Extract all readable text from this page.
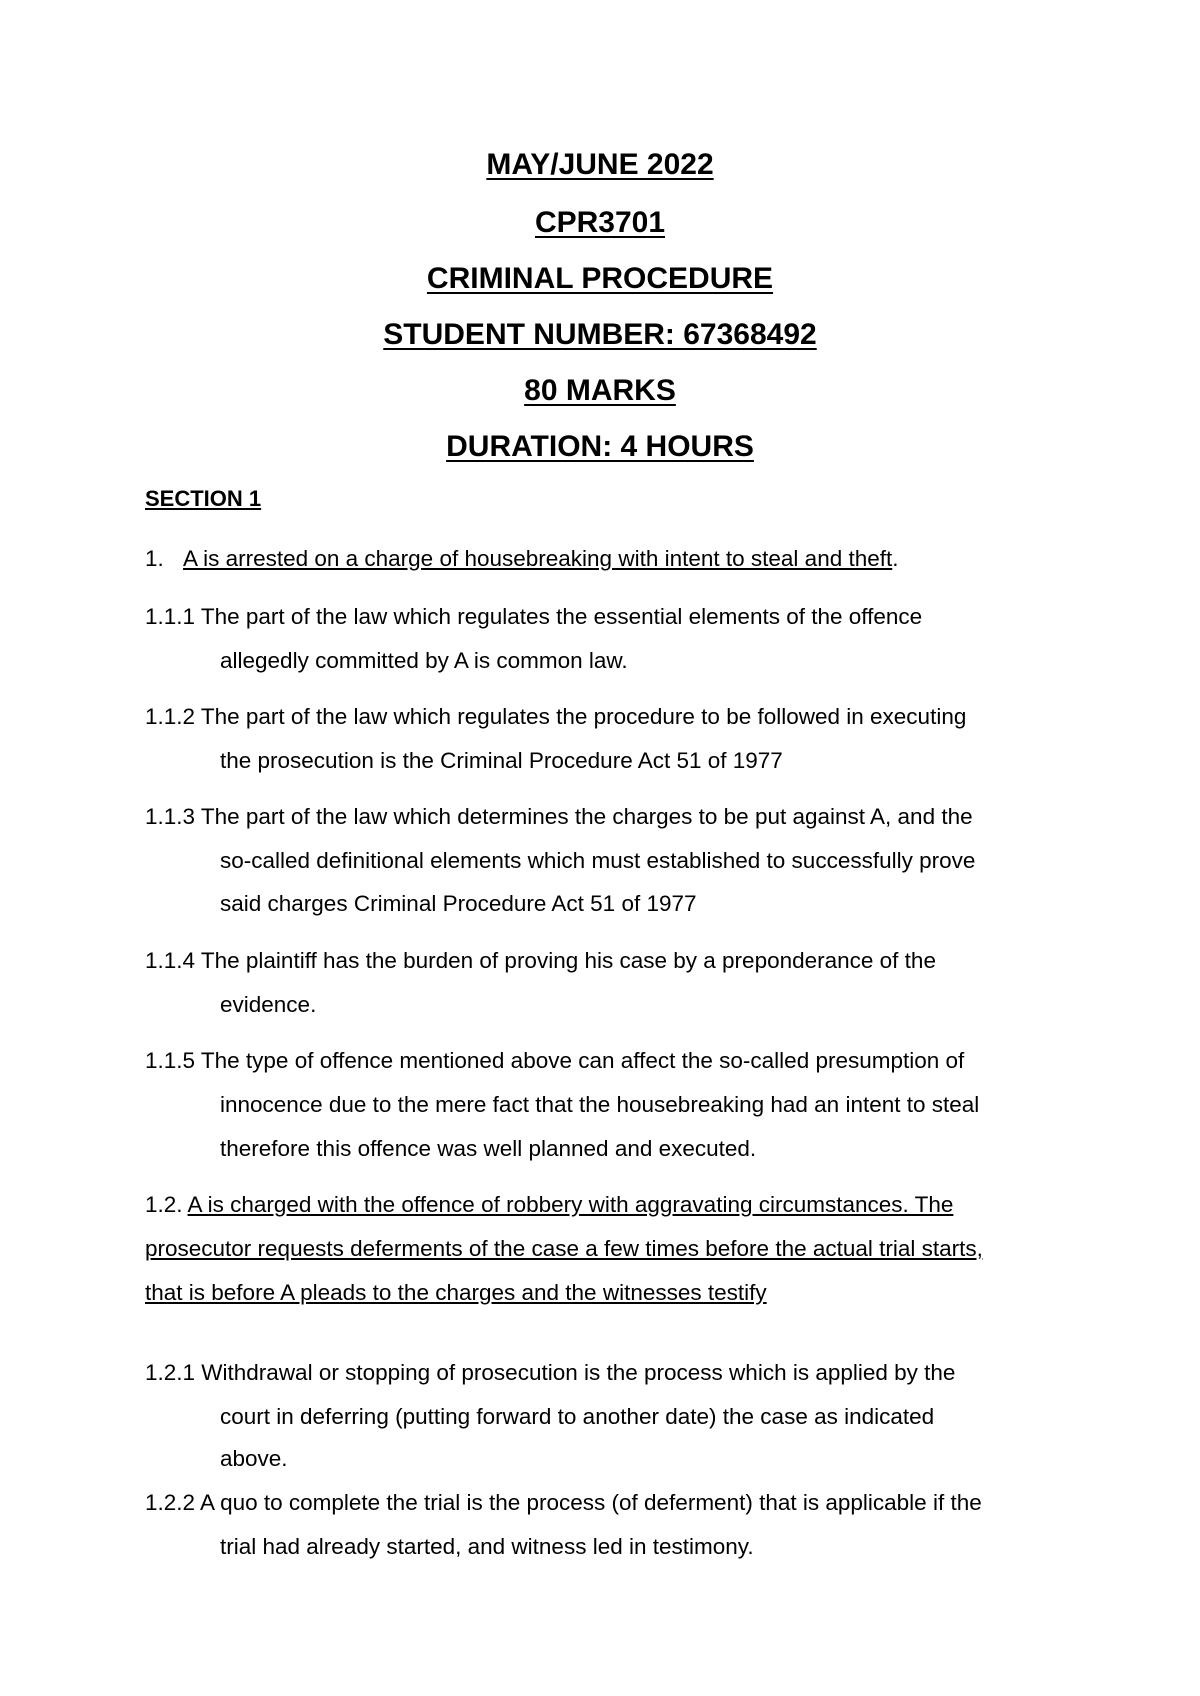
MAY/JUNE 2022
CPR3701
CRIMINAL PROCEDURE
STUDENT NUMBER: 67368492
80 MARKS
DURATION: 4 HOURS
SECTION 1
1. A is arrested on a charge of housebreaking with intent to steal and theft.
1.1.1 The part of the law which regulates the essential elements of the offence
allegedly committed by A is common law.
1.1.2 The part of the law which regulates the procedure to be followed in executing
the prosecution is the Criminal Procedure Act 51 of 1977
1.1.3 The part of the law which determines the charges to be put against A, and the
so-called definitional elements which must established to successfully prove
said charges Criminal Procedure Act 51 of 1977
1.1.4 The plaintiff has the burden of proving his case by a preponderance of the
evidence.
1.1.5 The type of offence mentioned above can affect the so-called presumption of
innocence due to the mere fact that the housebreaking had an intent to steal
therefore this offence was well planned and executed.
1.2. A is charged with the offence of robbery with aggravating circumstances. The
prosecutor requests deferments of the case a few times before the actual trial starts,
that is before A pleads to the charges and the witnesses testify
1.2.1 Withdrawal or stopping of prosecution is the process which is applied by the
court in deferring (putting forward to another date) the case as indicated
above.
1.2.2 A quo to complete the trial is the process (of deferment) that is applicable if the
trial had already started, and witness led in testimony.
